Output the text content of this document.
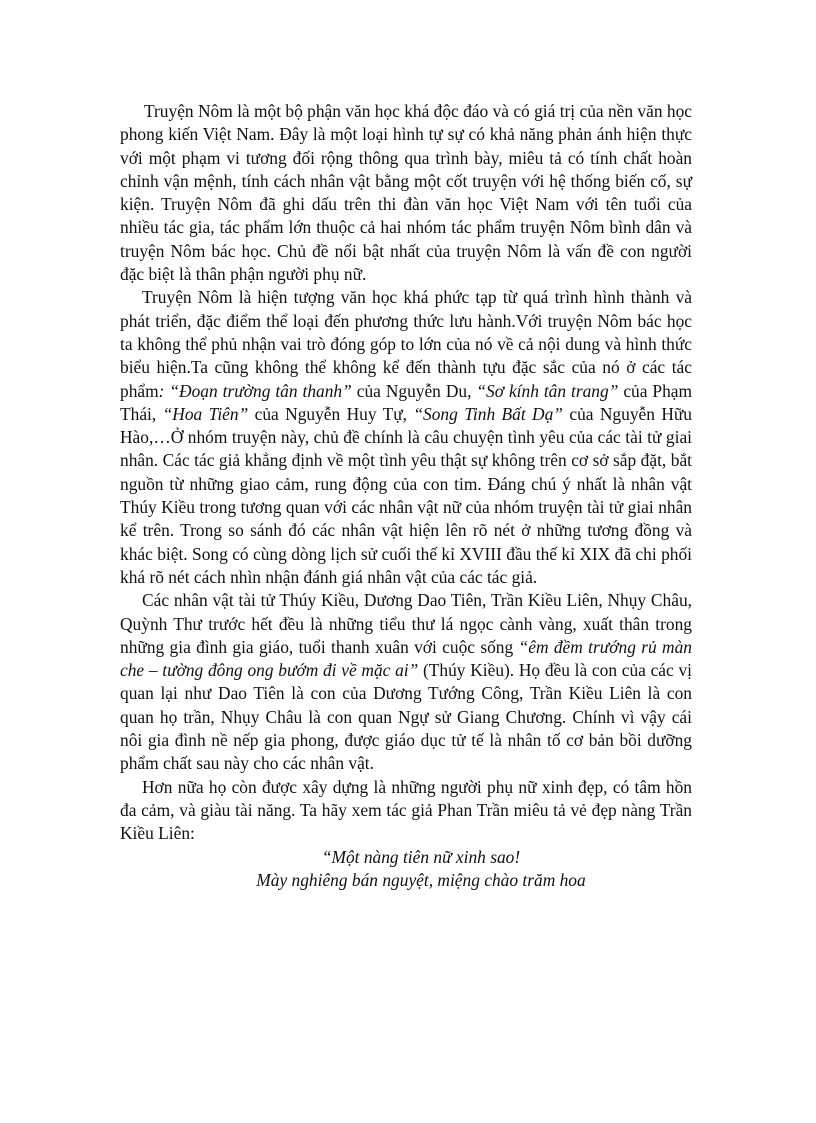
Truyện Nôm là một bộ phận văn học khá độc đáo và có giá trị của nền văn học phong kiến Việt Nam. Đây là một loại hình tự sự có khả năng phản ánh hiện thực với một phạm vi tương đối rộng thông qua trình bày, miêu tả có tính chất hoàn chỉnh vận mệnh, tính cách nhân vật bằng một cốt truyện với hệ thống biến cố, sự kiện. Truyện Nôm đã ghi dấu trên thi đàn văn học Việt Nam với tên tuổi của nhiều tác gia, tác phẩm lớn thuộc cả hai nhóm tác phẩm truyện Nôm bình dân và truyện Nôm bác học. Chủ đề nổi bật nhất của truyện Nôm là vấn đề con người đặc biệt là thân phận người phụ nữ.

Truyện Nôm là hiện tượng văn học khá phức tạp từ quá trình hình thành và phát triển, đặc điểm thể loại đến phương thức lưu hành.Với truyện Nôm bác học ta không thể phủ nhận vai trò đóng góp to lớn của nó về cả nội dung và hình thức biểu hiện.Ta cũng không thể không kể đến thành tựu đặc sắc của nó ở các tác phẩm: “Đoạn trường tân thanh” của Nguyễn Du, “Sơ kính tân trang” của Phạm Thái, “Hoa Tiên” của Nguyễn Huy Tự, “Song Tinh Bất Dạ” của Nguyễn Hữu Hào,…Ở nhóm truyện này, chủ đề chính là câu chuyện tình yêu của các tài tử giai nhân. Các tác giả khẳng định về một tình yêu thật sự không trên cơ sở sắp đặt, bắt nguồn từ những giao cảm, rung động của con tim. Đáng chú ý nhất là nhân vật Thúy Kiều trong tương quan với các nhân vật nữ của nhóm truyện tài tử giai nhân kể trên. Trong so sánh đó các nhân vật hiện lên rõ nét ở những tương đồng và khác biệt. Song có cùng dòng lịch sử cuối thế kỉ XVIII đầu thế kỉ XIX đã chi phối khá rõ nét cách nhìn nhận đánh giá nhân vật của các tác giả.

Các nhân vật tài tử Thúy Kiều, Dương Dao Tiên, Trần Kiều Liên, Nhụy Châu, Quỳnh Thư trước hết đều là những tiểu thư lá ngọc cành vàng, xuất thân trong những gia đình gia giáo, tuổi thanh xuân với cuộc sống “êm đềm trướng rủ màn che – tường đông ong bướm đi về mặc ai” (Thúy Kiều). Họ đều là con của các vị quan lại như Dao Tiên là con của Dương Tướng Công, Trần Kiều Liên là con quan họ trần, Nhụy Châu là con quan Ngự sử Giang Chương. Chính vì vậy cái nôi gia đình nề nếp gia phong, được giáo dục tử tế là nhân tố cơ bản bồi dưỡng phẩm chất sau này cho các nhân vật.

Hơn nữa họ còn được xây dựng là những người phụ nữ xinh đẹp, có tâm hồn đa cảm, và giàu tài năng. Ta hãy xem tác giả Phan Trần miêu tả vẻ đẹp nàng Trần Kiều Liên:

“Một nàng tiên nữ xinh sao!

Mày nghiêng bán nguyệt, miệng chào trăm hoa
